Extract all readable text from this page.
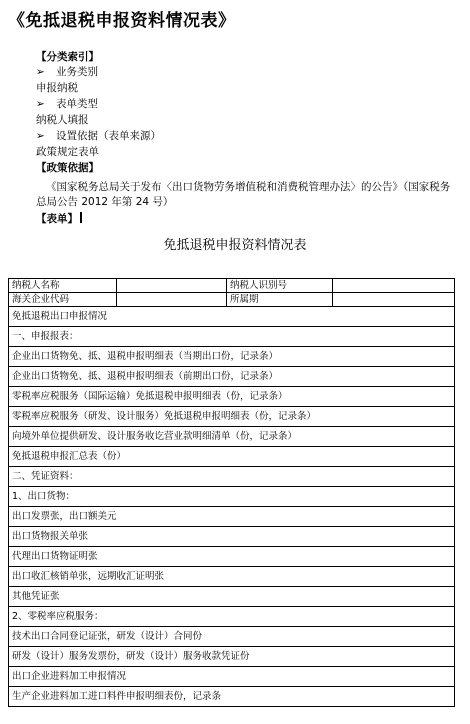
《免抵退税申报资料情况表》
【分类索引】
➢ 业务类别
申报纳税
➢ 表单类型
纳税人填报
➢ 设置依据（表单来源）
政策规定表单
【政策依据】
《国家税务总局关于发布〈出口货物劳务增值税和消费税管理办法〉的公告》（国家税务总局公告 2012 年第 24 号）
【表单】
免抵退税申报资料情况表
纳税人名称		纳税人识别号	
海关企业代码		所属期	
免抵退税出口申报情况			
一、申报报表：			
企业出口货物免、抵、退税申报明细表（当期出口份，记录条）			
企业出口货物免、抵、退税申报明细表（前期出口份，记录条）			
零税率应税服务（国际运输）免抵退税申报明细表（份，记录条）			
零税率应税服务（研发、设计服务）免抵退税申报明细表（份，记录条）			
向境外单位提供研发、设计服务收讫营业款明细清单（份，记录条）			
免抵退税申报汇总表（份）			
二、凭证资料：			
1、出口货物：			
出口发票张，出口额美元			
出口货物报关单张			
代理出口货物证明张			
出口收汇核销单张，远期收汇证明张			
其他凭证张			
2、零税率应税服务：			
技术出口合同登记证张，研发（设计）合同份			
研发（设计）服务发票份，研发（设计）服务收款凭证份			
出口企业进料加工申报情况			
生产企业进料加工进口料件申报明细表份，记录条			
